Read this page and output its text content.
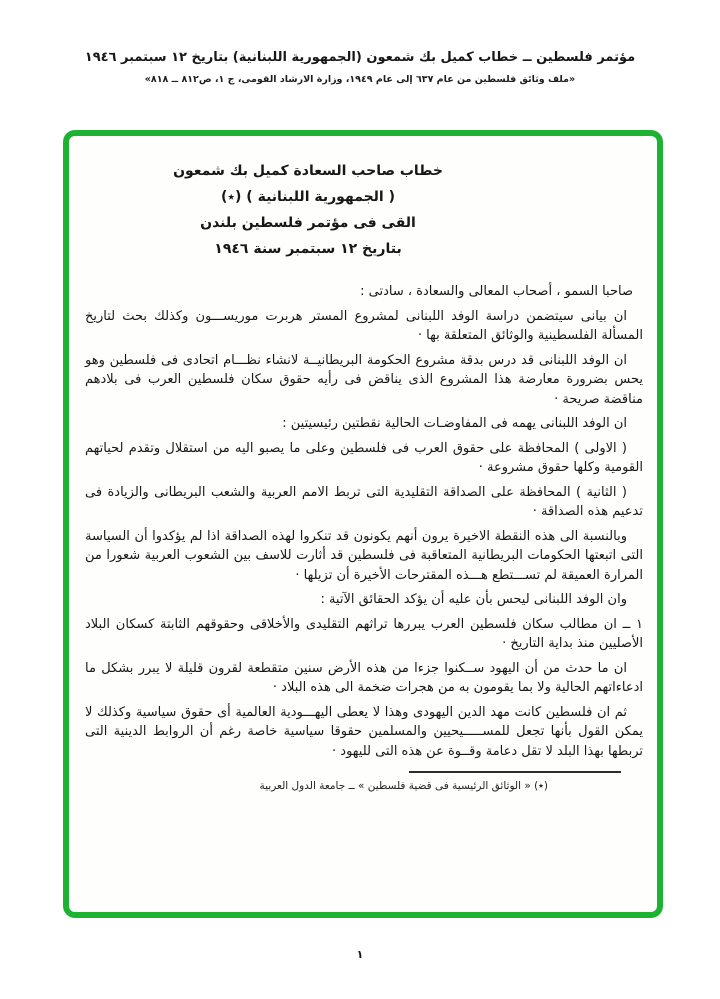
مؤتمر فلسطين ــ خطاب كميل بك شمعون (الجمهورية اللبنانية) بتاريخ ١٢ سبتمبر ١٩٤٦
«ملف وثائق فلسطين من عام ٦٣٧ إلى عام ١٩٤٩، وزارة الارشاد القومى، ج ١، ص٨١٢ ــ ٨١٨»
خطاب صاحب السعادة كميل بك شمعون
( الجمهورية اللبنانية ) (٭)
القى فى مؤتمر فلسطين بلندن
بتاريخ ١٢ سبتمبر سنة ١٩٤٦

صاحبا السمو ، أصحاب المعالى والسعادة ، سادتى :

ان بيانى سيتضمن دراسة الوفد اللبنانى لمشروع المستر هربرت موريســـون وكذلك بحث لتاريخ المسألة الفلسطينية والوثائق المتعلقة بها ·

ان الوفد اللبنانى قد درس بدقة مشروع الحكومة البريطانيــة لانشاء نظـــام اتحادى فى فلسطين وهو يحس بضرورة معارضة هذا المشروع الذى يناقض فى رأيه حقوق سكان فلسطين العرب فى بلادهم مناقضة صريحة ·

ان الوفد اللبنانى يهمه فى المفاوضـات الحالية نقطتين رئيسيتين :

( الاولى ) المحافظة على حقوق العرب فى فلسطين وعلى ما يصبو اليه من استقلال وتقدم لحياتهم القومية وكلها حقوق مشروعة ·

( الثانية ) المحافظة على الصداقة التقليدية التى تربط الامم العربية والشعب البريطانى والزيادة فى تدعيم هذه الصداقة ·

وبالنسبة الى هذه النقطة الاخيرة يرون أنهم يكونون قد تنكروا لهذه الصداقة اذا لم يؤكدوا أن السياسة التى اتبعتها الحكومات البريطانية المتعاقبة فى فلسطين قد أثارت للاسف بين الشعوب العربية شعورا من المرارة العميقة لم تســـتطع هـــذه المقترحات الأخيرة أن تزيلها ·

وان الوفد اللبنانى ليحس بأن عليه أن يؤكد الحقائق الآتية :

١ ــ ان مطالب سكان فلسطين العرب يبررها تراثهم التقليدى والأخلاقى وحقوقهم الثابتة كسكان البلاد الأصليين منذ بداية التاريخ ·

ان ما حدث من أن اليهود ســكنوا جزءا من هذه الأرض سنين متقطعة لقرون قليلة لا يبرر بشكل ما ادعاءاتهم الحالية ولا بما يقومون به من هجرات ضخمة الى هذه البلاد ·

ثم ان فلسطين كانت مهد الدين اليهودى وهذا لا يعطى اليهـــودية العالمية أى حقوق سياسية وكذلك لا يمكن القول بأنها تجعل للمســـــيحيين والمسلمين حقوقا سياسية خاصة رغم أن الروابط الدينية التى تربطها بهذا البلد لا تقل دعامة وقــوة عن هذه التى لليهود ·

(٭) « الوثائق الرئيسية فى قضية فلسطين » ــ جامعة الدول العربية

١
